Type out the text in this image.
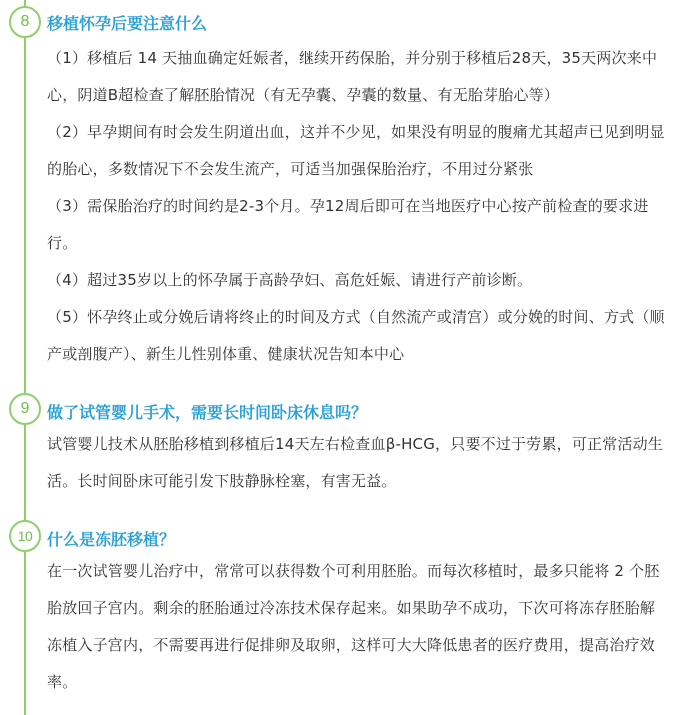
8	移植怀孕后要注意什么

（1）移植后 14 天抽血确定妊娠者，继续开药保胎，并分别于移植后28天，35天两次来中心，阴道B超检查了解胚胎情况（有无孕囊、孕囊的数量、有无胎芽胎心等）

（2）早孕期间有时会发生阴道出血，这并不少见，如果没有明显的腹痛尤其超声已见到明显的胎心，多数情况下不会发生流产，可适当加强保胎治疗，不用过分紧张

（3）需保胎治疗的时间约是2-3个月。孕12周后即可在当地医疗中心按产前检查的要求进行。

（4）超过35岁以上的怀孕属于高龄孕妇、高危妊娠、请进行产前诊断。

（5）怀孕终止或分娩后请将终止的时间及方式（自然流产或清宫）或分娩的时间、方式（顺产或剖腹产）、新生儿性别体重、健康状况告知本中心

9	做了试管婴儿手术，需要长时间卧床休息吗？

试管婴儿技术从胚胎移植到移植后14天左右检查血β-HCG，只要不过于劳累，可正常活动生活。长时间卧床可能引发下肢静脉栓塞，有害无益。

10 什么是冻胚移植？

在一次试管婴儿治疗中，常常可以获得数个可利用胚胎。而每次移植时，最多只能将 2 个胚胎放回子宫内。剩余的胚胎通过冷冻技术保存起来。如果助孕不成功，下次可将冻存胚胎解冻植入子宫内，不需要再进行促排卵及取卵，这样可大大降低患者的医疗费用，提高治疗效率。
